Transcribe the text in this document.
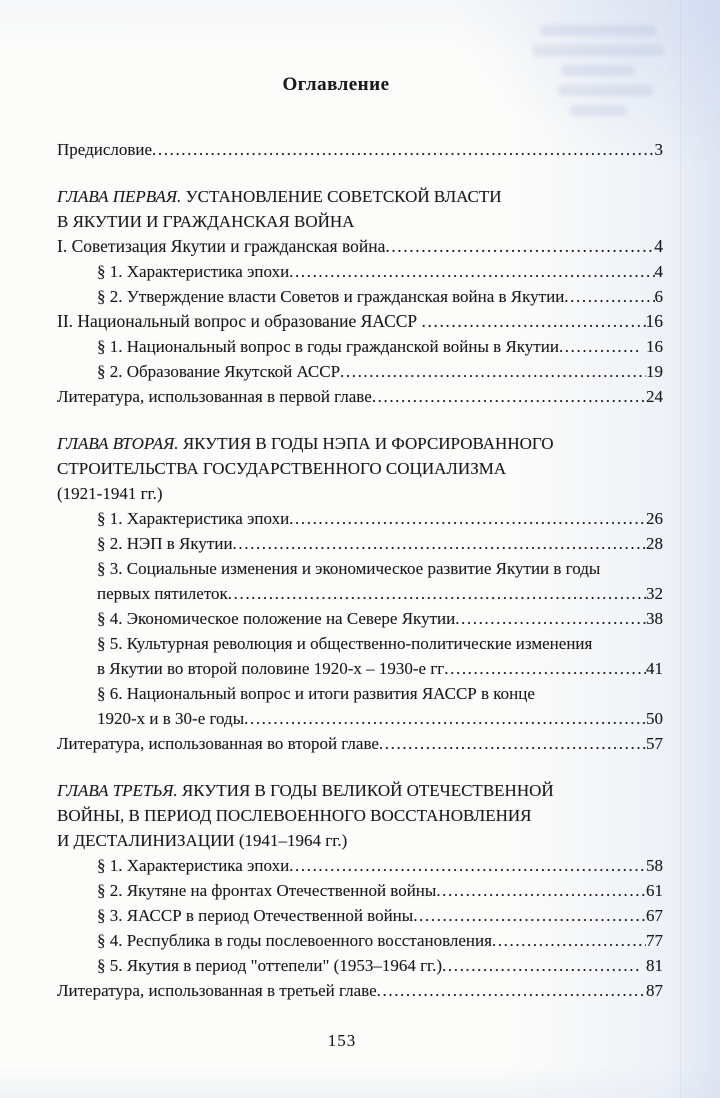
Оглавление
Предисловие .....	3
ГЛАВА ПЕРВАЯ. УСТАНОВЛЕНИЕ СОВЕТСКОЙ ВЛАСТИ
В ЯКУТИИ И ГРАЖДАНСКАЯ ВОЙНА
I. Советизация Якутии и гражданская война .....	4
§ 1. Характеристика эпохи .....	4
§ 2. Утверждение власти Советов и гражданская война в Якутии .....	6
II. Национальный вопрос и образование ЯАССР .....	16
§ 1. Национальный вопрос в годы гражданской войны в Якутии .....	16
§ 2. Образование Якутской АССР .....	19
Литература, использованная в первой главе .....	24
ГЛАВА ВТОРАЯ. ЯКУТИЯ В ГОДЫ НЭПА И ФОРСИРОВАННОГО
СТРОИТЕЛЬСТВА ГОСУДАРСТВЕННОГО СОЦИАЛИЗМА
(1921-1941 гг.)
§ 1. Характеристика эпохи .....	26
§ 2. НЭП в Якутии .....	28
§ 3. Социальные изменения и экономическое развитие Якутии в годы
первых пятилеток .....	32
§ 4. Экономическое положение на Севере Якутии .....	38
§ 5. Культурная революция и общественно-политические изменения
в Якутии во второй половине 1920-х – 1930-е гг .....	41
§ 6. Национальный вопрос и итоги развития ЯАССР в конце
1920-х и в 30-е годы .....	50
Литература, использованная во второй главе .....	57
ГЛАВА ТРЕТЬЯ. ЯКУТИЯ В ГОДЫ ВЕЛИКОЙ ОТЕЧЕСТВЕННОЙ
ВОЙНЫ, В ПЕРИОД ПОСЛЕВОЕННОГО ВОССТАНОВЛЕНИЯ
И ДЕСТАЛИНИЗАЦИИ (1941–1964 гг.)
§ 1. Характеристика эпохи .....	58
§ 2. Якутяне на фронтах Отечественной войны .....	61
§ 3. ЯАССР в период Отечественной войны .....	67
§ 4. Республика в годы послевоенного восстановления .....	77
§ 5. Якутия в период "оттепели" (1953–1964 гг.) .....	81
Литература, использованная в третьей главе .....	87
153
